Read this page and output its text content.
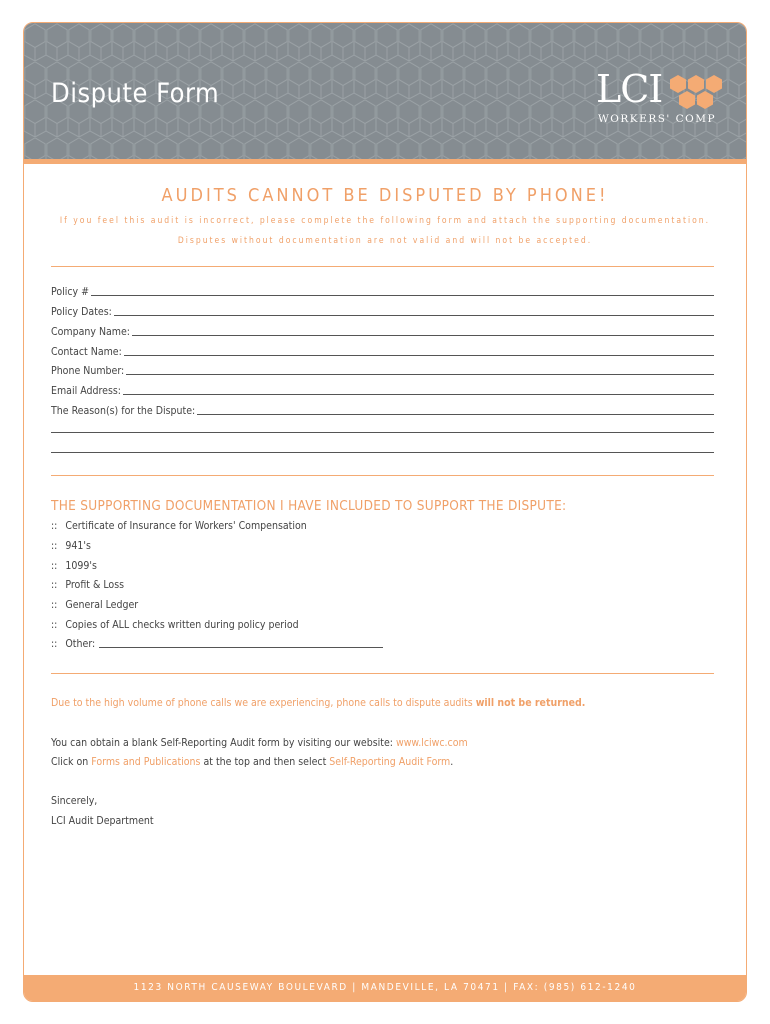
Dispute Form	LCI
WORKERS' COMP
AUDITS CANNOT BE DISPUTED BY PHONE!
If you feel this audit is incorrect, please complete the following form and attach the supporting documentation.
Disputes without documentation are not valid and will not be accepted.
Policy #
Policy Dates:
Company Name:
Contact Name:
Phone Number:
Email Address:
The Reason(s) for the Dispute:
THE SUPPORTING DOCUMENTATION I HAVE INCLUDED TO SUPPORT THE DISPUTE:
:: Certificate of Insurance for Workers' Compensation
:: 941's
:: 1099's
:: Profit & Loss
:: General Ledger
:: Copies of ALL checks written during policy period
:: Other:
Due to the high volume of phone calls we are experiencing, phone calls to dispute audits will not be returned.
You can obtain a blank Self-Reporting Audit form by visiting our website: www.lciwc.com
Click on Forms and Publications at the top and then select Self-Reporting Audit Form.
Sincerely,
LCI Audit Department
1123 NORTH CAUSEWAY BOULEVARD | MANDEVILLE, LA 70471 | FAX: (985) 612-1240
